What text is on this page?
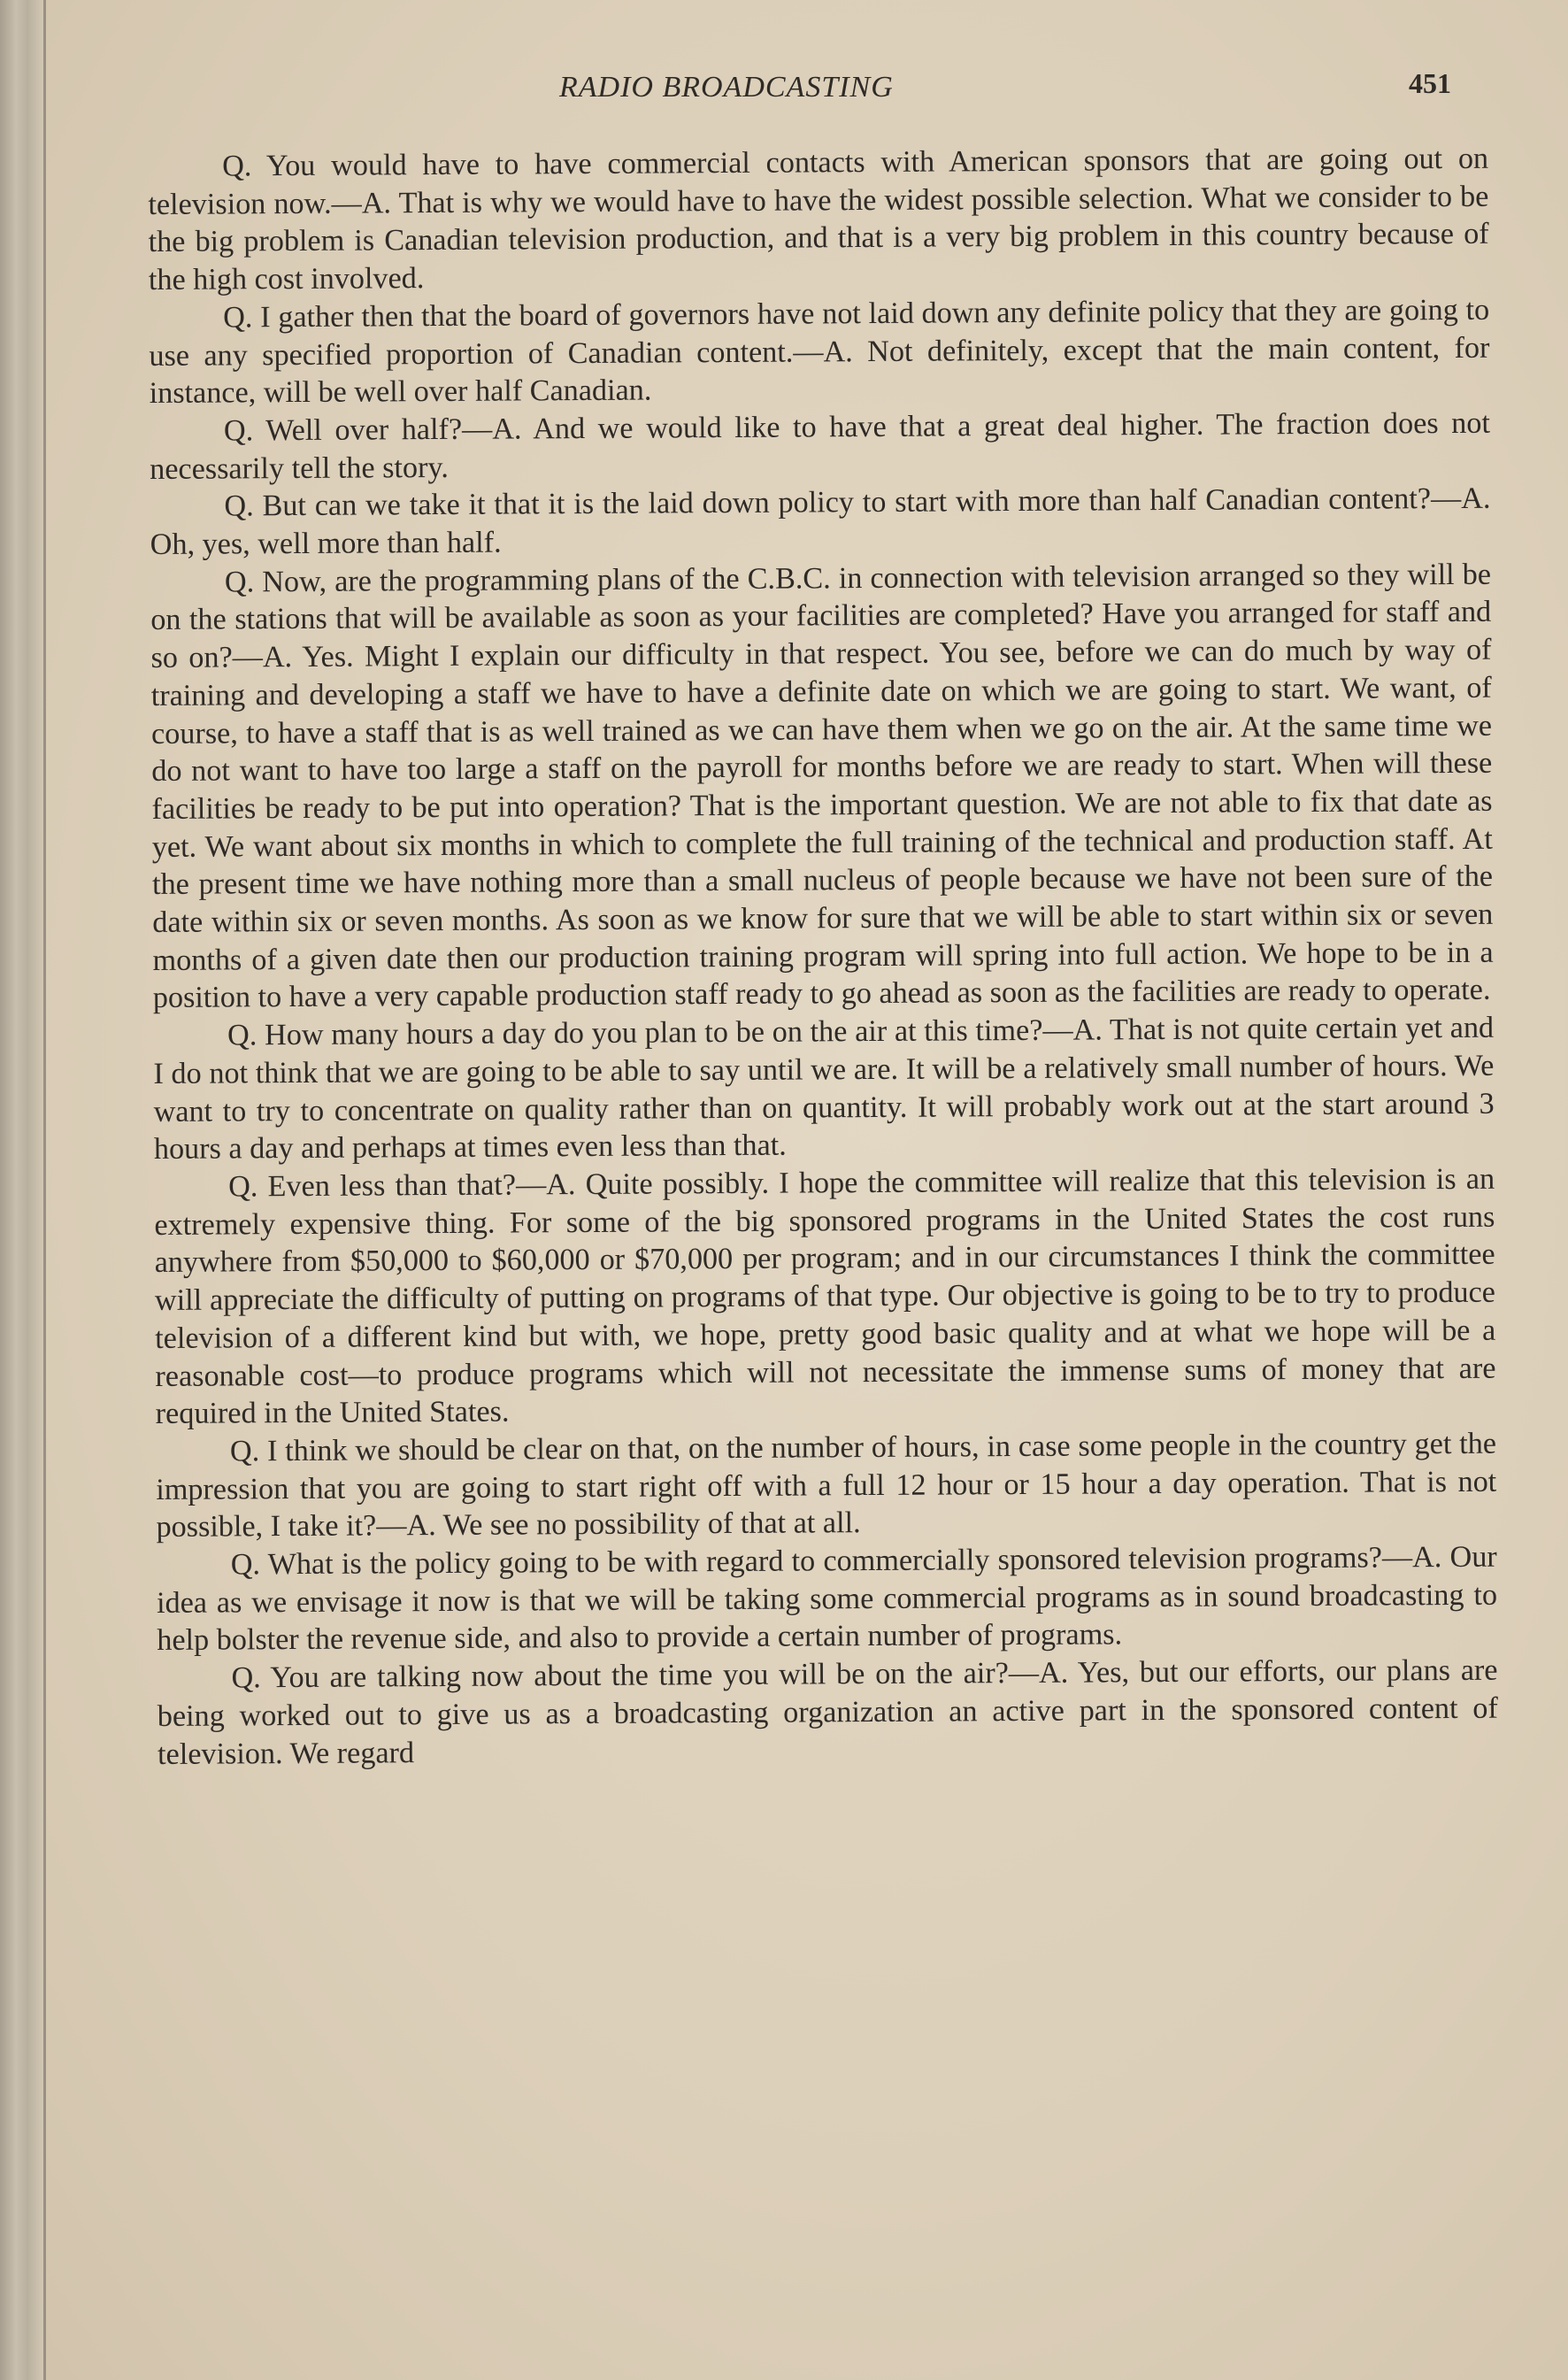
RADIO BROADCASTING	451

Q. You would have to have commercial contacts with American sponsors that are going out on television now.—A. That is why we would have to have the widest possible selection. What we consider to be the big problem is Canadian television production, and that is a very big problem in this country because of the high cost involved.

Q. I gather then that the board of governors have not laid down any definite policy that they are going to use any specified proportion of Canadian content.—A. Not definitely, except that the main content, for instance, will be well over half Canadian.

Q. Well over half?—A. And we would like to have that a great deal higher. The fraction does not necessarily tell the story.

Q. But can we take it that it is the laid down policy to start with more than half Canadian content?—A. Oh, yes, well more than half.

Q. Now, are the programming plans of the C.B.C. in connection with television arranged so they will be on the stations that will be available as soon as your facilities are completed? Have you arranged for staff and so on?—A. Yes. Might I explain our difficulty in that respect. You see, before we can do much by way of training and developing a staff we have to have a definite date on which we are going to start. We want, of course, to have a staff that is as well trained as we can have them when we go on the air. At the same time we do not want to have too large a staff on the payroll for months before we are ready to start. When will these facilities be ready to be put into operation? That is the important question. We are not able to fix that date as yet. We want about six months in which to complete the full training of the technical and production staff. At the present time we have nothing more than a small nucleus of people because we have not been sure of the date within six or seven months. As soon as we know for sure that we will be able to start within six or seven months of a given date then our production training program will spring into full action. We hope to be in a position to have a very capable production staff ready to go ahead as soon as the facilities are ready to operate.

Q. How many hours a day do you plan to be on the air at this time?—A. That is not quite certain yet and I do not think that we are going to be able to say until we are. It will be a relatively small number of hours. We want to try to concentrate on quality rather than on quantity. It will probably work out at the start around 3 hours a day and perhaps at times even less than that.

Q. Even less than that?—A. Quite possibly. I hope the committee will realize that this television is an extremely expensive thing. For some of the big sponsored programs in the United States the cost runs anywhere from $50,000 to $60,000 or $70,000 per program; and in our circumstances I think the committee will appreciate the difficulty of putting on programs of that type. Our objective is going to be to try to produce television of a different kind but with, we hope, pretty good basic quality and at what we hope will be a reasonable cost—to produce programs which will not necessitate the immense sums of money that are required in the United States.

Q. I think we should be clear on that, on the number of hours, in case some people in the country get the impression that you are going to start right off with a full 12 hour or 15 hour a day operation. That is not possible, I take it?—A. We see no possibility of that at all.

Q. What is the policy going to be with regard to commercially sponsored television programs?—A. Our idea as we envisage it now is that we will be taking some commercial programs as in sound broadcasting to help bolster the revenue side, and also to provide a certain number of programs.

Q. You are talking now about the time you will be on the air?—A. Yes, but our efforts, our plans are being worked out to give us as a broadcasting organization an active part in the sponsored content of television. We regard
